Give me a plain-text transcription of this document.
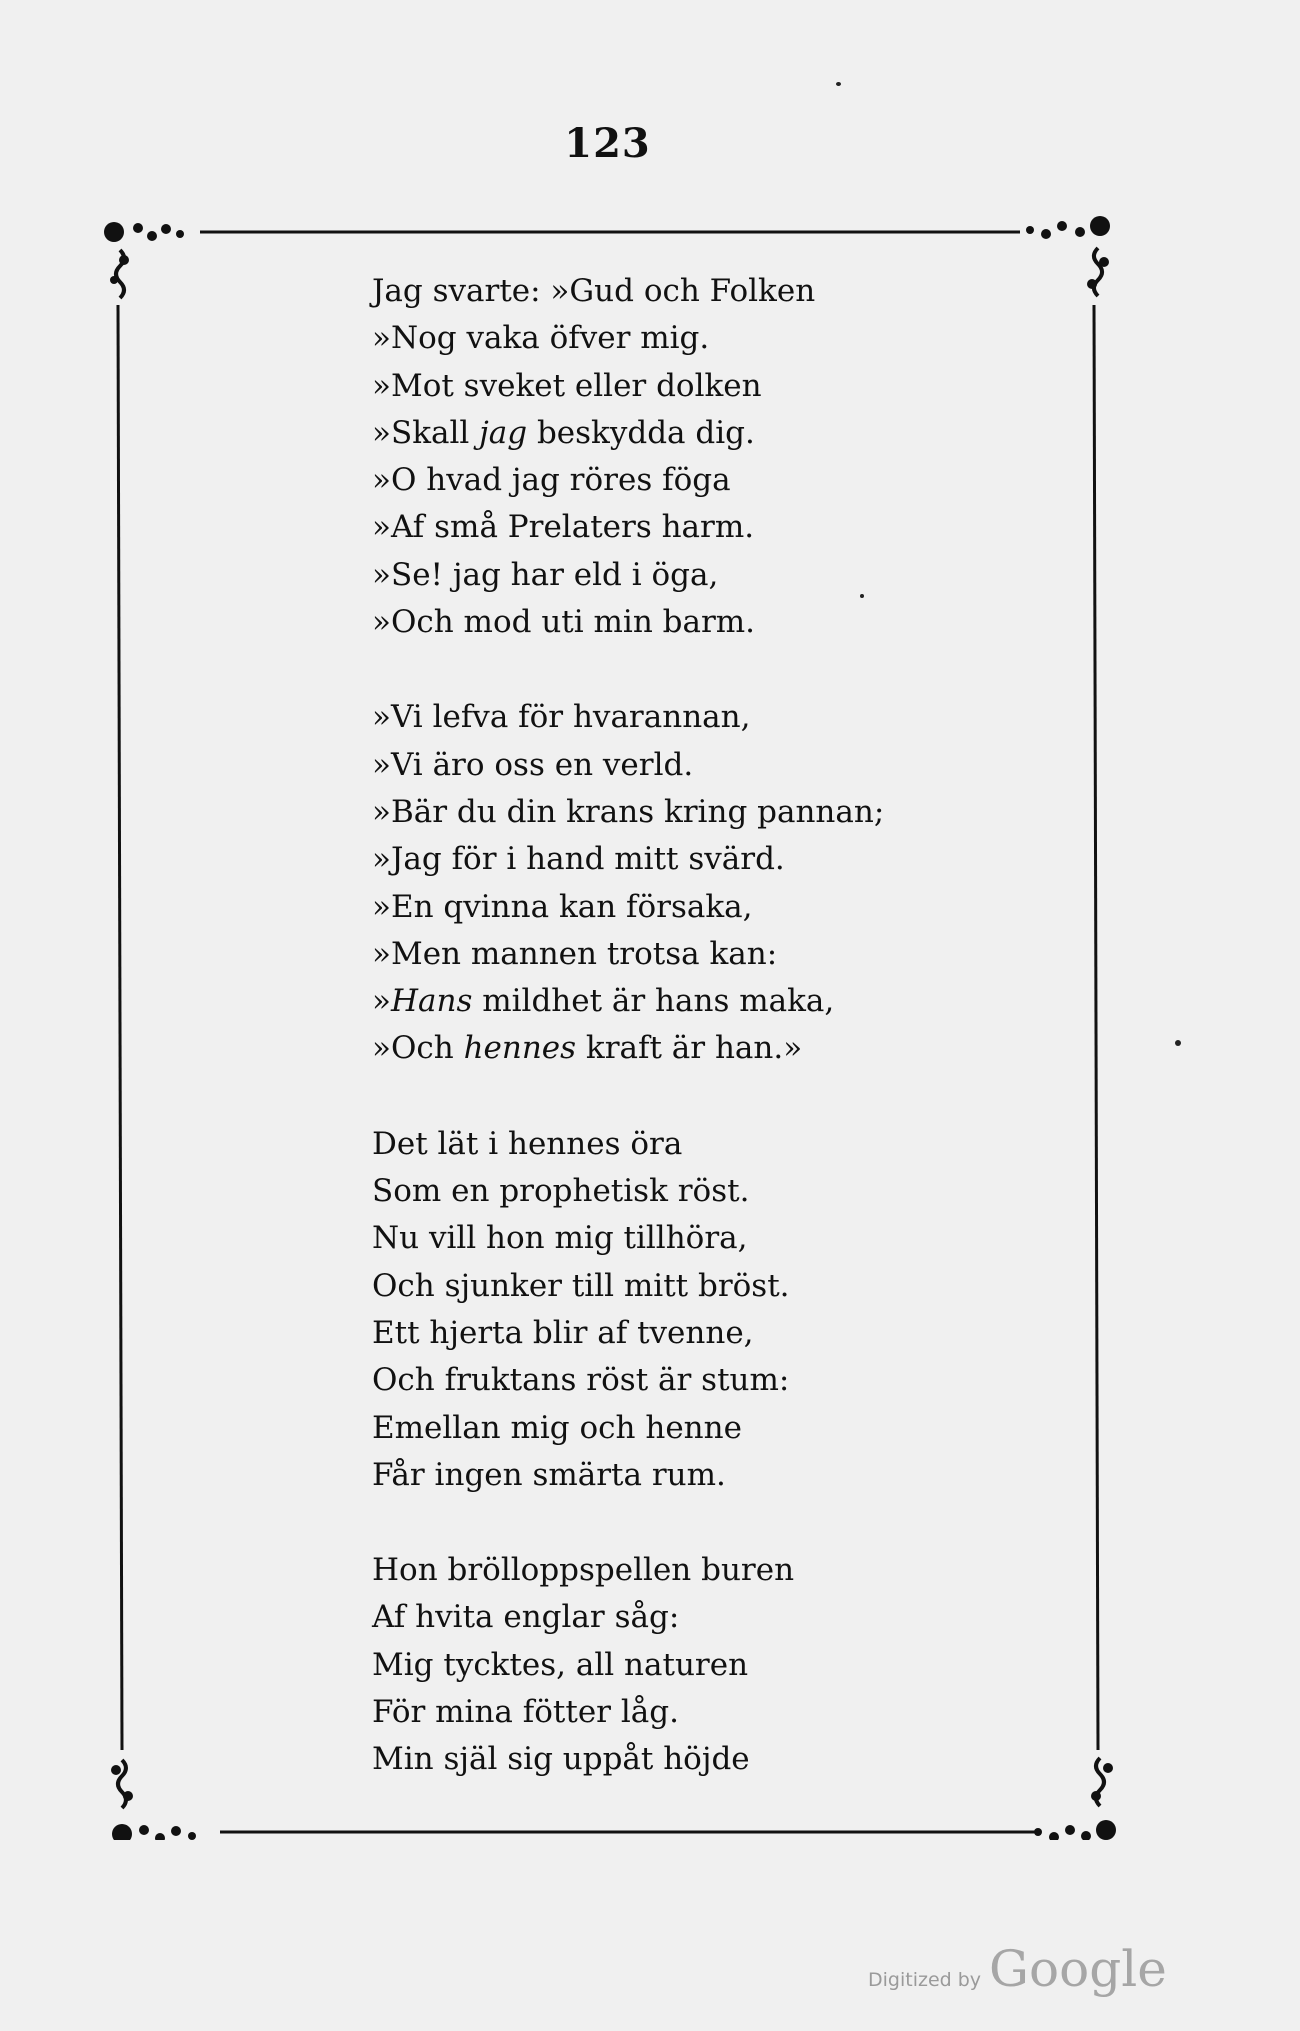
123
Jag svarte: »Gud och Folken
»Nog vaka öfver mig.
»Mot sveket eller dolken
»Skall jag beskydda dig.
»O hvad jag röres föga
»Af små Prelaters harm.
»Se! jag har eld i öga,
»Och mod uti min barm.
»Vi lefva för hvarannan,
»Vi äro oss en verld.
»Bär du din krans kring pannan;
»Jag för i hand mitt svärd.
»En qvinna kan försaka,
»Men mannen trotsa kan:
»Hans mildhet är hans maka,
»Och hennes kraft är han.»
Det lät i hennes öra
Som en prophetisk röst.
Nu vill hon mig tillhöra,
Och sjunker till mitt bröst.
Ett hjerta blir af tvenne,
Och fruktans röst är stum:
Emellan mig och henne
Får ingen smärta rum.
Hon brölloppspellen buren
Af hvita englar såg:
Mig tycktes, all naturen
För mina fötter låg.
Min själ sig uppåt höjde
Digitized by Google
